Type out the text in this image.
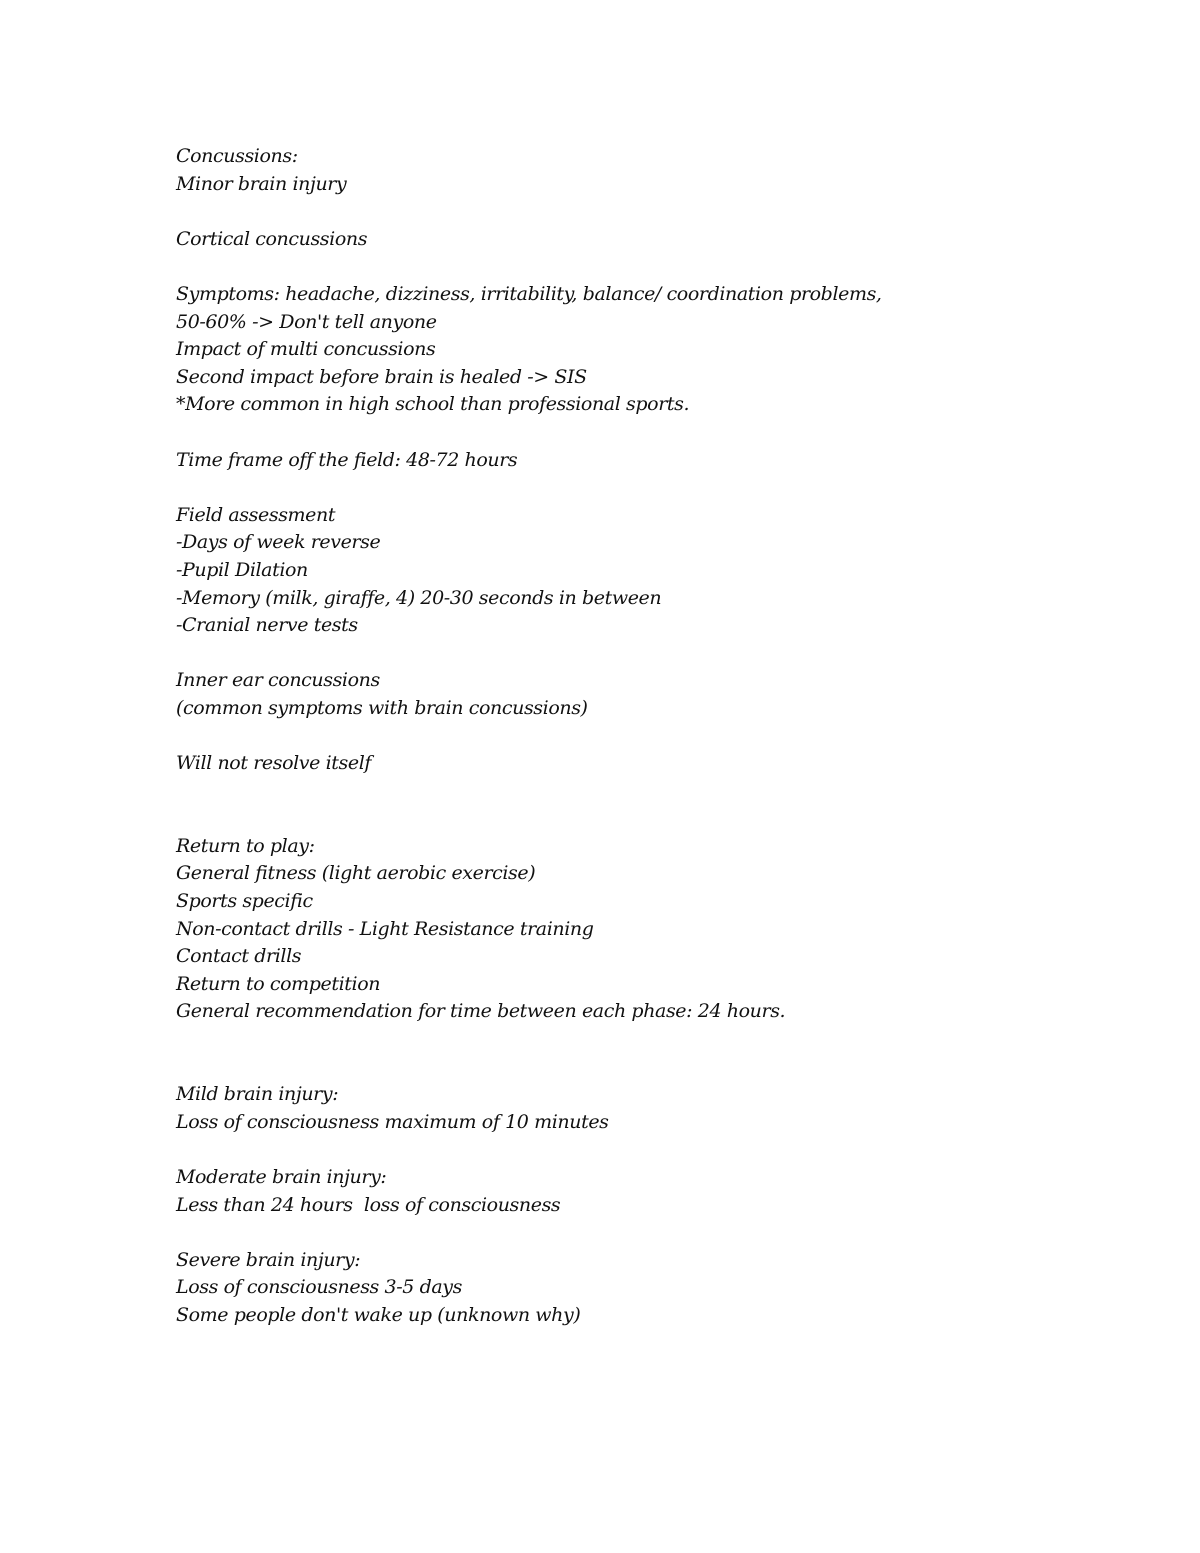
Concussions:
Minor brain injury
Cortical concussions
Symptoms: headache, dizziness, irritability, balance/ coordination problems,
50-60% -> Don't tell anyone
Impact of multi concussions
Second impact before brain is healed -> SIS
*More common in high school than professional sports.
Time frame off the field: 48-72 hours
Field assessment
-Days of week reverse
-Pupil Dilation
-Memory (milk, giraffe, 4) 20-30 seconds in between
-Cranial nerve tests
Inner ear concussions
(common symptoms with brain concussions)
Will not resolve itself
Return to play:
General fitness (light aerobic exercise)
Sports specific
Non-contact drills - Light Resistance training
Contact drills
Return to competition
General recommendation for time between each phase: 24 hours.
Mild brain injury:
Loss of consciousness maximum of 10 minutes
Moderate brain injury:
Less than 24 hours  loss of consciousness
Severe brain injury:
Loss of consciousness 3-5 days
Some people don't wake up (unknown why)
